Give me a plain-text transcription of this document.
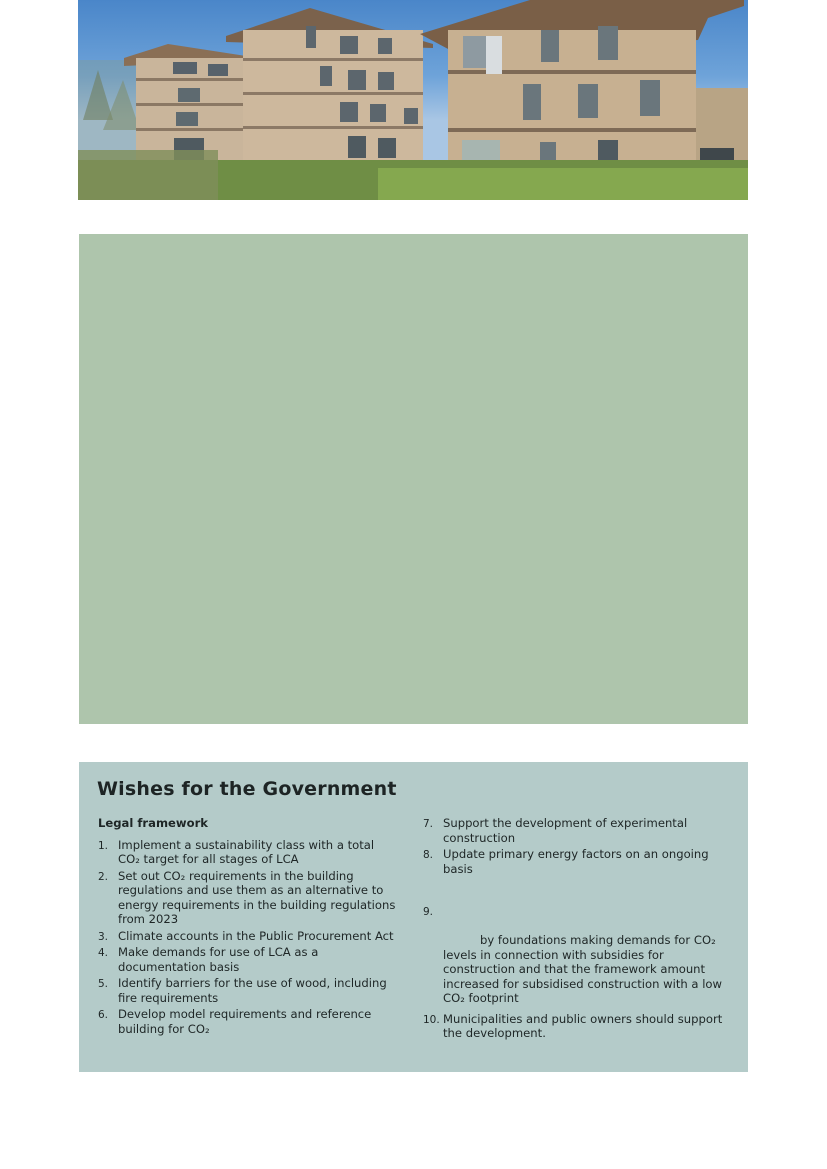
Wishes for the Government
Legal framework
1. Implement a sustainability class with a total CO₂ target for all stages of LCA
2. Set out CO₂ requirements in the building regulations and use them as an alternative to energy requirements in the building regulations from 2023
3. Climate accounts in the Public Procurement Act
4. Make demands for use of LCA as a documentation basis
5. Identify barriers for the use of wood, including fire requirements
6. Develop model requirements and reference building for CO₂
7. Support the development of experimental construction
8. Update primary energy factors on an ongoing basis
9.
by foundations making demands for CO₂
levels in connection with subsidies for construction and that the framework amount increased for subsidised construction with a low CO₂ footprint
10. Municipalities and public owners should support the development.
